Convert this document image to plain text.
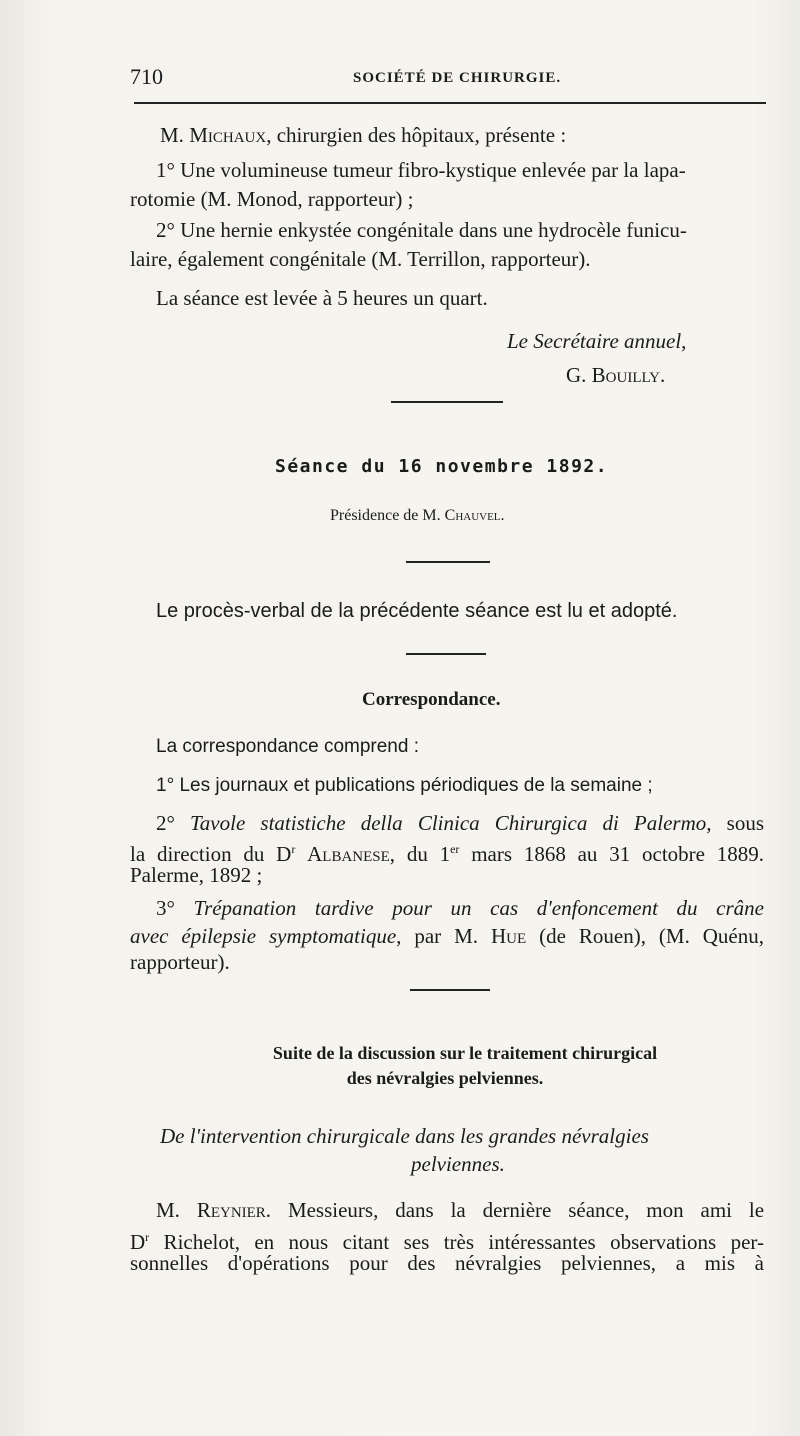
710	SOCIÉTÉ DE CHIRURGIE.
M. Michaux, chirurgien des hôpitaux, présente :
1° Une volumineuse tumeur fibro-kystique enlevée par la lapa-
rotomie (M. Monod, rapporteur) ;
2° Une hernie enkystée congénitale dans une hydrocèle funicu-
laire, également congénitale (M. Terrillon, rapporteur).
La séance est levée à 5 heures un quart.
Le Secrétaire annuel,
G. Bouilly.
Séance du 16 novembre 1892.
Présidence de M. Chauvel.
Le procès-verbal de la précédente séance est lu et adopté.
Correspondance.
La correspondance comprend :
1° Les journaux et publications périodiques de la semaine ;
2° Tavole statistiche della Clinica Chirurgica di Palermo, sous
la direction du $D^r$ Albanese, du 1er mars 1868 au 31 octobre 1889.
Palerme, 1892 ;
3° Trépanation tardive pour un cas d'enfoncement du crâne
avec épilepsie symptomatique, par M. Hue (de Rouen), (M. Quénu,
rapporteur).
Suite de la discussion sur le traitement chirurgical
des névralgies pelviennes.
De l'intervention chirurgicale dans les grandes névralgies
pelviennes.
M. Reynier. Messieurs, dans la dernière séance, mon ami le
$D^r$ Richelot, en nous citant ses très intéressantes observations per-
sonnelles d'opérations pour des névralgies pelviennes, a mis à
